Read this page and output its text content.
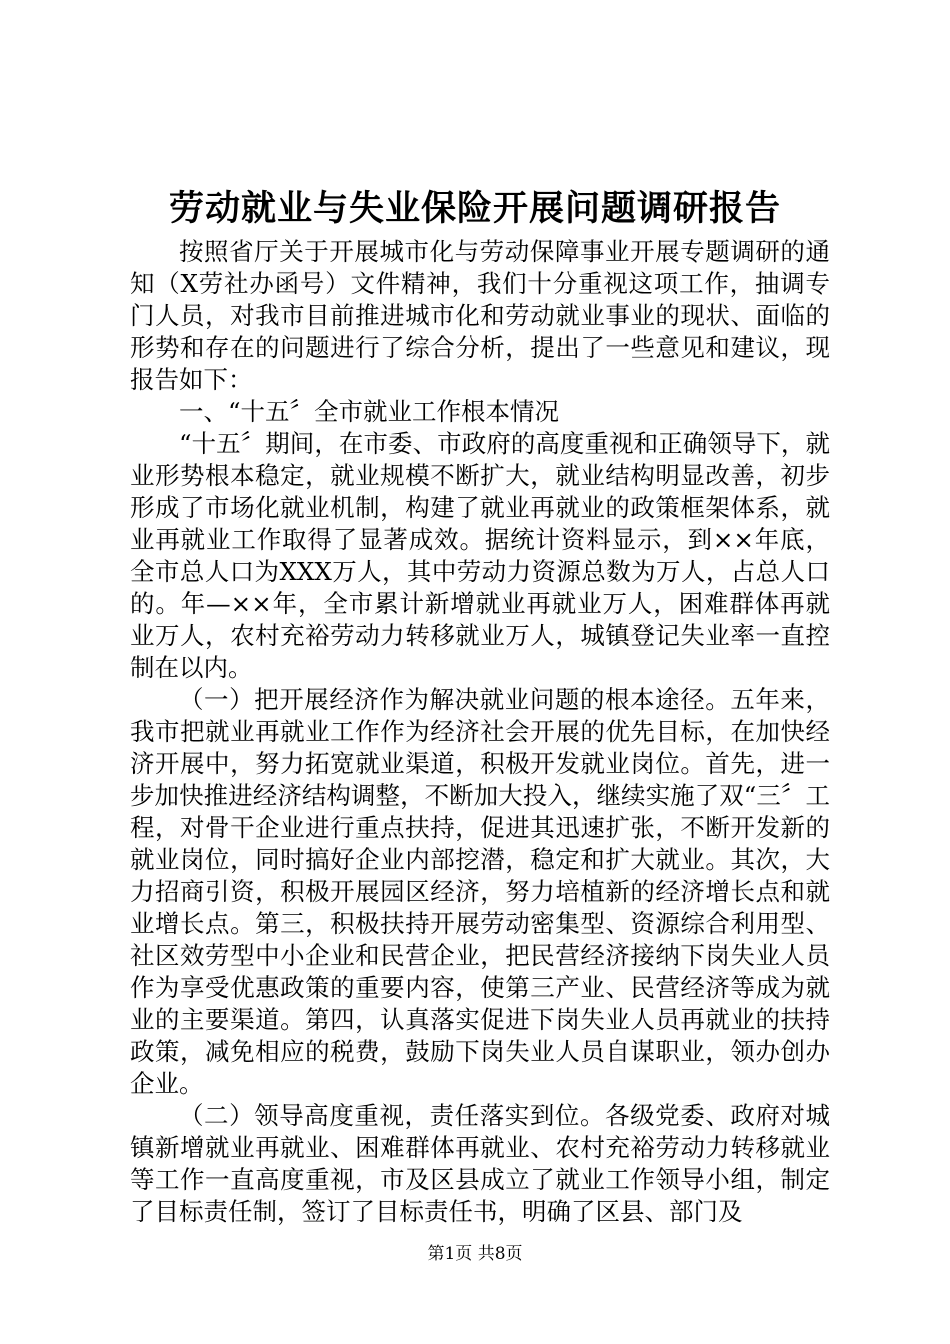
劳动就业与失业保险开展问题调研报告

按照省厅关于开展城市化与劳动保障事业开展专题调研的通知（X劳社办函号）文件精神，我们十分重视这项工作，抽调专门人员，对我市目前推进城市化和劳动就业事业的现状、面临的形势和存在的问题进行了综合分析，提出了一些意见和建议，现报告如下：

一、“十五〞全市就业工作根本情况

“十五〞期间，在市委、市政府的高度重视和正确领导下，就业形势根本稳定，就业规模不断扩大，就业结构明显改善，初步形成了市场化就业机制，构建了就业再就业的政策框架体系，就业再就业工作取得了显著成效。据统计资料显示，到××年底，全市总人口为XXX万人，其中劳动力资源总数为万人，占总人口的。年—××年，全市累计新增就业再就业万人，困难群体再就业万人，农村充裕劳动力转移就业万人，城镇登记失业率一直控制在以内。

（一）把开展经济作为解决就业问题的根本途径。五年来，我市把就业再就业工作作为经济社会开展的优先目标，在加快经济开展中，努力拓宽就业渠道，积极开发就业岗位。首先，进一步加快推进经济结构调整，不断加大投入，继续实施了双“三〞工程，对骨干企业进行重点扶持，促进其迅速扩张，不断开发新的就业岗位，同时搞好企业内部挖潜，稳定和扩大就业。其次，大力招商引资，积极开展园区经济，努力培植新的经济增长点和就业增长点。第三，积极扶持开展劳动密集型、资源综合利用型、社区效劳型中小企业和民营企业，把民营经济接纳下岗失业人员作为享受优惠政策的重要内容，使第三产业、民营经济等成为就业的主要渠道。第四，认真落实促进下岗失业人员再就业的扶持政策，减免相应的税费，鼓励下岗失业人员自谋职业，领办创办企业。

（二）领导高度重视，责任落实到位。各级党委、政府对城镇新增就业再就业、困难群体再就业、农村充裕劳动力转移就业等工作一直高度重视，市及区县成立了就业工作领导小组，制定了目标责任制，签订了目标责任书，明确了区县、部门及

第1页 共8页
